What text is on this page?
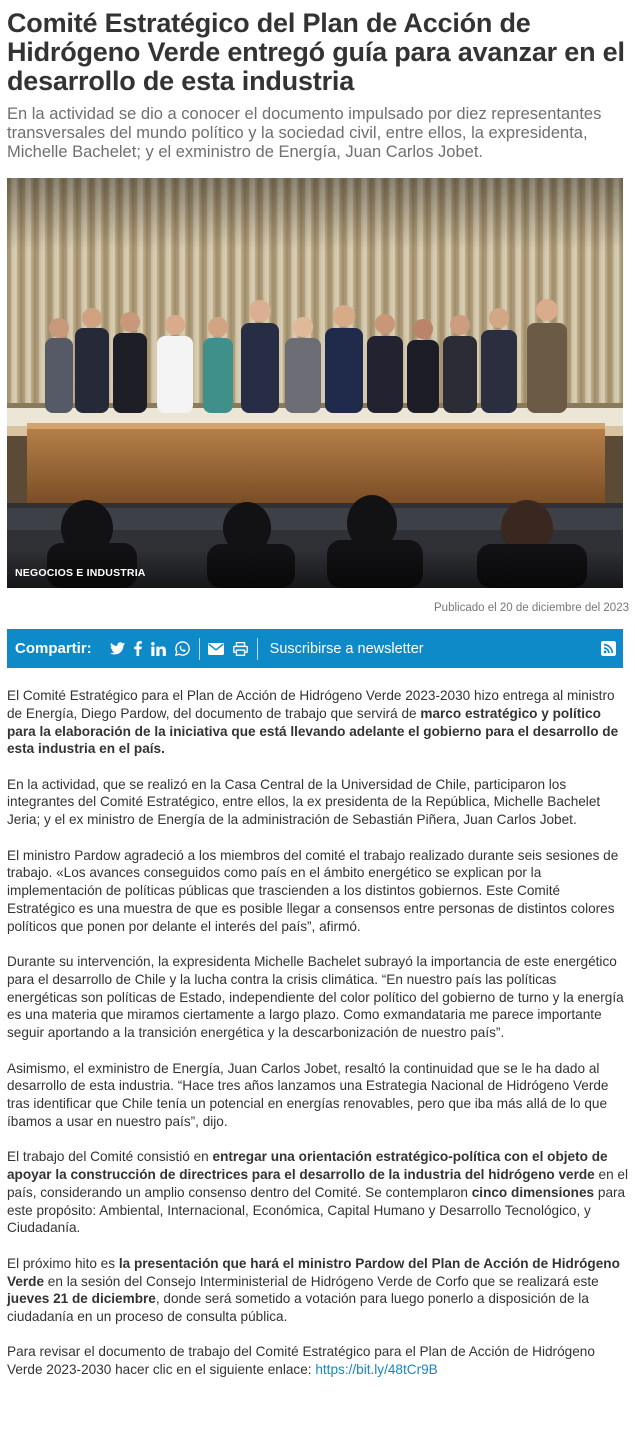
Comité Estratégico del Plan de Acción de Hidrógeno Verde entregó guía para avanzar en el desarrollo de esta industria

En la actividad se dio a conocer el documento impulsado por diez representantes transversales del mundo político y la sociedad civil, entre ellos, la expresidenta, Michelle Bachelet; y el exministro de Energía, Juan Carlos Jobet.

NEGOCIOS E INDUSTRIA
Publicado el 20 de diciembre del 2023
Compartir:	Suscribirse a newsletter

El Comité Estratégico para el Plan de Acción de Hidrógeno Verde 2023-2030 hizo entrega al ministro de Energía, Diego Pardow, del documento de trabajo que servirá de marco estratégico y político para la elaboración de la iniciativa que está llevando adelante el gobierno para el desarrollo de esta industria en el país.

En la actividad, que se realizó en la Casa Central de la Universidad de Chile, participaron los integrantes del Comité Estratégico, entre ellos, la ex presidenta de la República, Michelle Bachelet Jeria; y el ex ministro de Energía de la administración de Sebastián Piñera, Juan Carlos Jobet.

El ministro Pardow agradeció a los miembros del comité el trabajo realizado durante seis sesiones de trabajo. «Los avances conseguidos como país en el ámbito energético se explican por la implementación de políticas públicas que trascienden a los distintos gobiernos. Este Comité Estratégico es una muestra de que es posible llegar a consensos entre personas de distintos colores políticos que ponen por delante el interés del país”, afirmó.

Durante su intervención, la expresidenta Michelle Bachelet subrayó la importancia de este energético para el desarrollo de Chile y la lucha contra la crisis climática. “En nuestro país las políticas energéticas son políticas de Estado, independiente del color político del gobierno de turno y la energía es una materia que miramos ciertamente a largo plazo. Como exmandataria me parece importante seguir aportando a la transición energética y la descarbonización de nuestro país”.

Asimismo, el exministro de Energía, Juan Carlos Jobet, resaltó la continuidad que se le ha dado al desarrollo de esta industria. “Hace tres años lanzamos una Estrategia Nacional de Hidrógeno Verde tras identificar que Chile tenía un potencial en energías renovables, pero que iba más allá de lo que íbamos a usar en nuestro país”, dijo.

El trabajo del Comité consistió en entregar una orientación estratégico-política con el objeto de apoyar la construcción de directrices para el desarrollo de la industria del hidrógeno verde en el país, considerando un amplio consenso dentro del Comité. Se contemplaron cinco dimensiones para este propósito: Ambiental, Internacional, Económica, Capital Humano y Desarrollo Tecnológico, y Ciudadanía.

El próximo hito es la presentación que hará el ministro Pardow del Plan de Acción de Hidrógeno Verde en la sesión del Consejo Interministerial de Hidrógeno Verde de Corfo que se realizará este jueves 21 de diciembre, donde será sometido a votación para luego ponerlo a disposición de la ciudadanía en un proceso de consulta pública.

Para revisar el documento de trabajo del Comité Estratégico para el Plan de Acción de Hidrógeno Verde 2023-2030 hacer clic en el siguiente enlace: https://bit.ly/48tCr9B
